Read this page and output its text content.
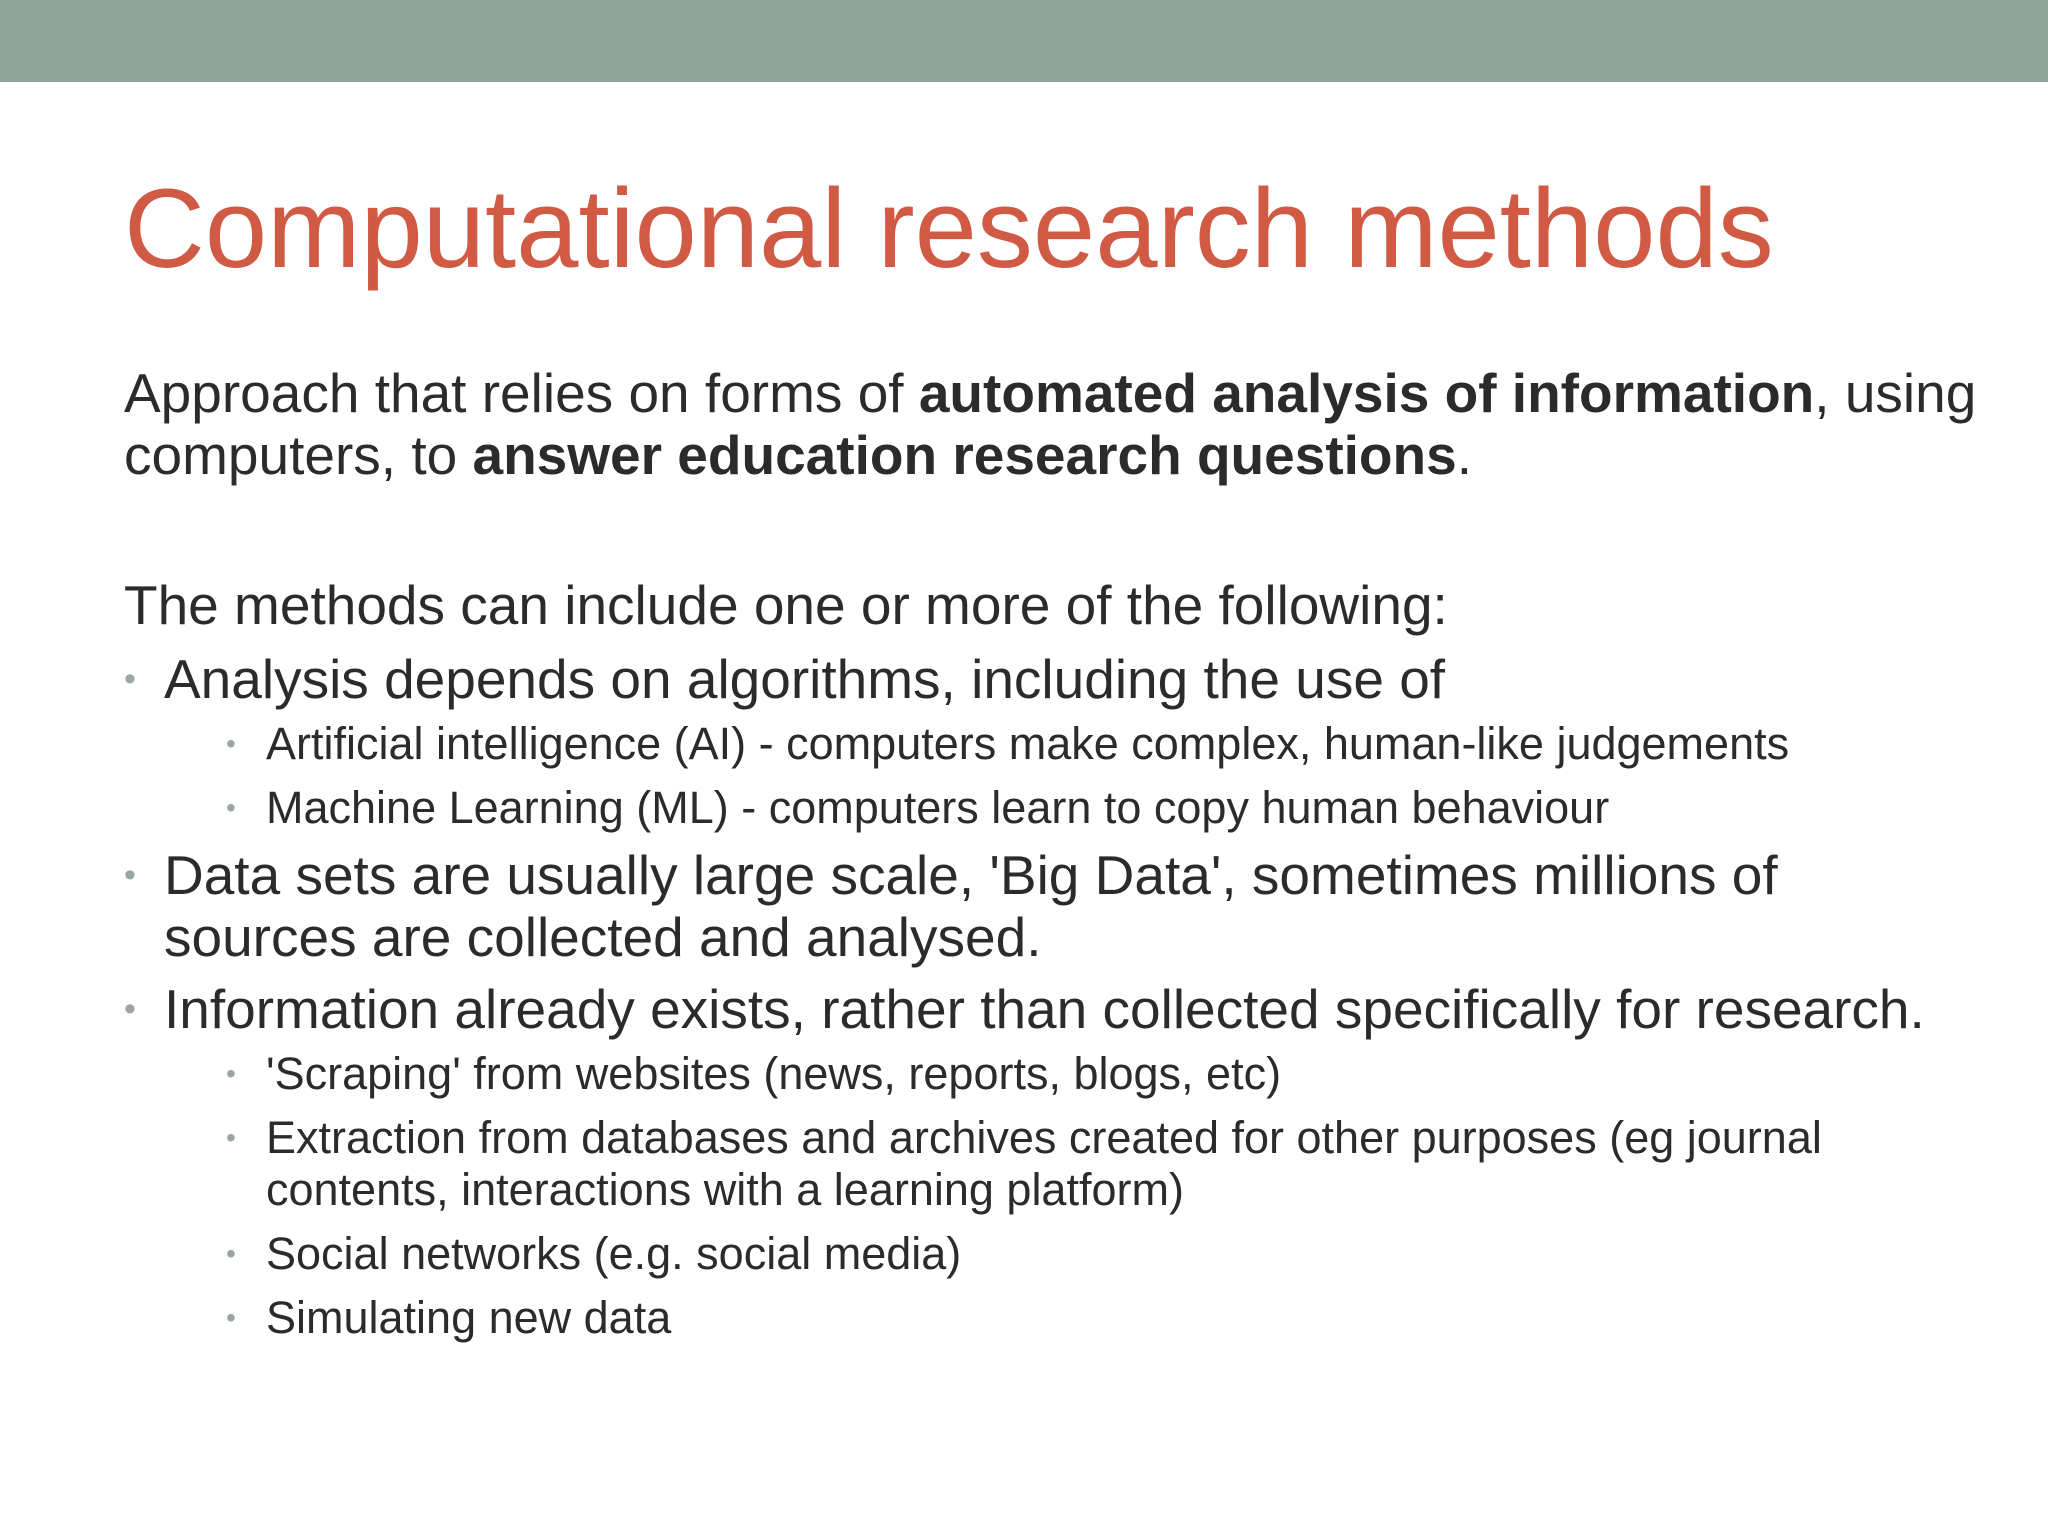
Computational research methods

Approach that relies on forms of automated analysis of information, using computers, to answer education research questions.

The methods can include one or more of the following:

• Analysis depends on algorithms, including the use of
• Artificial intelligence (AI) - computers make complex, human-like judgements
• Machine Learning (ML) - computers learn to copy human behaviour
• Data sets are usually large scale, 'Big Data', sometimes millions of sources are collected and analysed.
• Information already exists, rather than collected specifically for research.
• 'Scraping' from websites (news, reports, blogs, etc)
• Extraction from databases and archives created for other purposes (eg journal contents, interactions with a learning platform)
• Social networks (e.g. social media)
• Simulating new data
